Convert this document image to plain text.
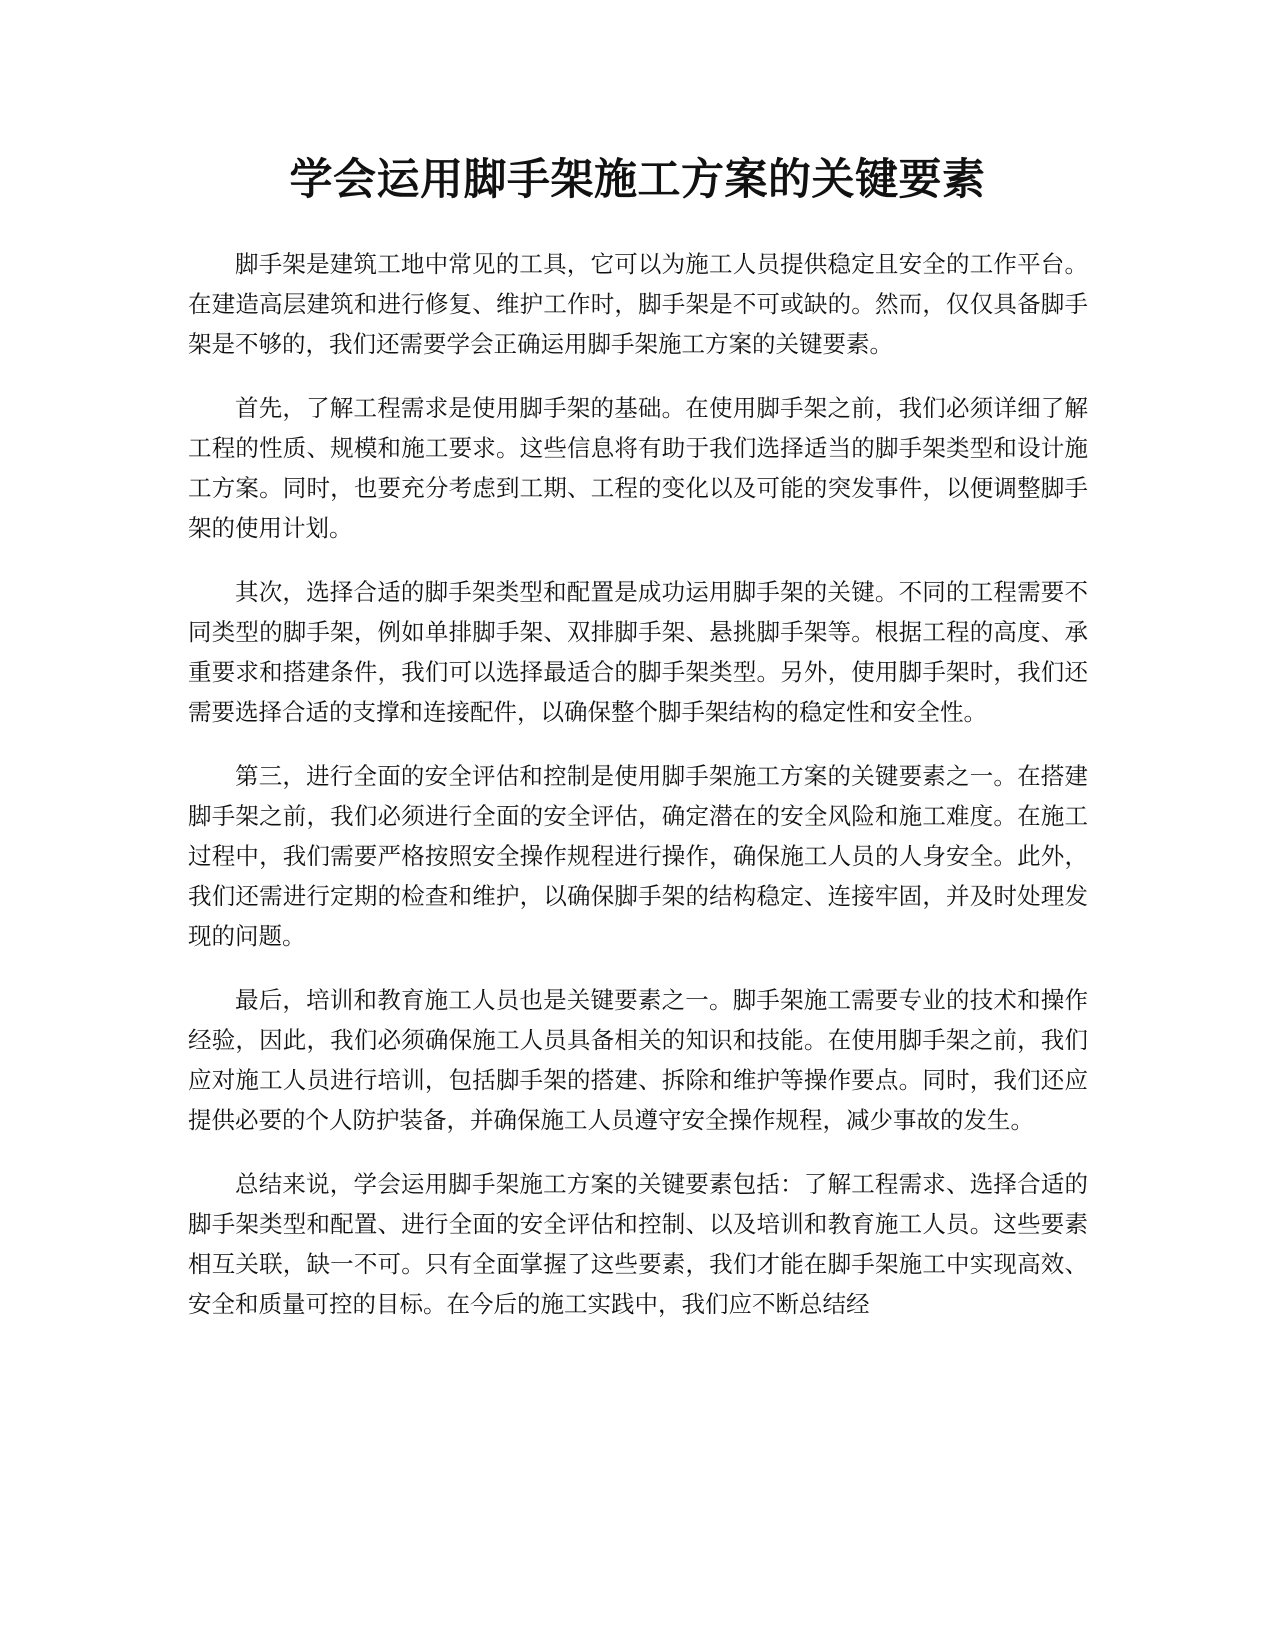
学会运用脚手架施工方案的关键要素

脚手架是建筑工地中常见的工具，它可以为施工人员提供稳定且安全的工作平台。在建造高层建筑和进行修复、维护工作时，脚手架是不可或缺的。然而，仅仅具备脚手架是不够的，我们还需要学会正确运用脚手架施工方案的关键要素。

首先，了解工程需求是使用脚手架的基础。在使用脚手架之前，我们必须详细了解工程的性质、规模和施工要求。这些信息将有助于我们选择适当的脚手架类型和设计施工方案。同时，也要充分考虑到工期、工程的变化以及可能的突发事件，以便调整脚手架的使用计划。

其次，选择合适的脚手架类型和配置是成功运用脚手架的关键。不同的工程需要不同类型的脚手架，例如单排脚手架、双排脚手架、悬挑脚手架等。根据工程的高度、承重要求和搭建条件，我们可以选择最适合的脚手架类型。另外，使用脚手架时，我们还需要选择合适的支撑和连接配件，以确保整个脚手架结构的稳定性和安全性。

第三，进行全面的安全评估和控制是使用脚手架施工方案的关键要素之一。在搭建脚手架之前，我们必须进行全面的安全评估，确定潜在的安全风险和施工难度。在施工过程中，我们需要严格按照安全操作规程进行操作，确保施工人员的人身安全。此外，我们还需进行定期的检查和维护，以确保脚手架的结构稳定、连接牢固，并及时处理发现的问题。

最后，培训和教育施工人员也是关键要素之一。脚手架施工需要专业的技术和操作经验，因此，我们必须确保施工人员具备相关的知识和技能。在使用脚手架之前，我们应对施工人员进行培训，包括脚手架的搭建、拆除和维护等操作要点。同时，我们还应提供必要的个人防护装备，并确保施工人员遵守安全操作规程，减少事故的发生。

总结来说，学会运用脚手架施工方案的关键要素包括：了解工程需求、选择合适的脚手架类型和配置、进行全面的安全评估和控制、以及培训和教育施工人员。这些要素相互关联，缺一不可。只有全面掌握了这些要素，我们才能在脚手架施工中实现高效、安全和质量可控的目标。在今后的施工实践中，我们应不断总结经
